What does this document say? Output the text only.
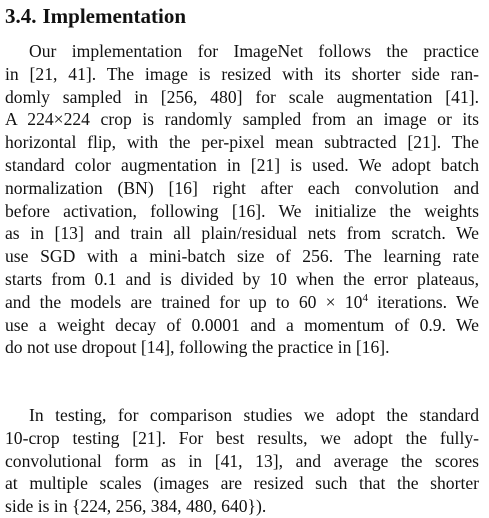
3.4. Implementation
Our implementation for ImageNet follows the practice
in [21, 41]. The image is resized with its shorter side ran-
domly sampled in [256, 480] for scale augmentation [41].
A 224×224 crop is randomly sampled from an image or its
horizontal flip, with the per-pixel mean subtracted [21]. The
standard color augmentation in [21] is used. We adopt batch
normalization (BN) [16] right after each convolution and
before activation, following [16]. We initialize the weights
as in [13] and train all plain/residual nets from scratch. We
use SGD with a mini-batch size of 256. The learning rate
starts from 0.1 and is divided by 10 when the error plateaus,
and the models are trained for up to $60 \times 10^4$ iterations. We
use a weight decay of 0.0001 and a momentum of 0.9. We
do not use dropout [14], following the practice in [16].
In testing, for comparison studies we adopt the standard
10-crop testing [21]. For best results, we adopt the fully-
convolutional form as in [41, 13], and average the scores
at multiple scales (images are resized such that the shorter
side is in {224, 256, 384, 480, 640}).
